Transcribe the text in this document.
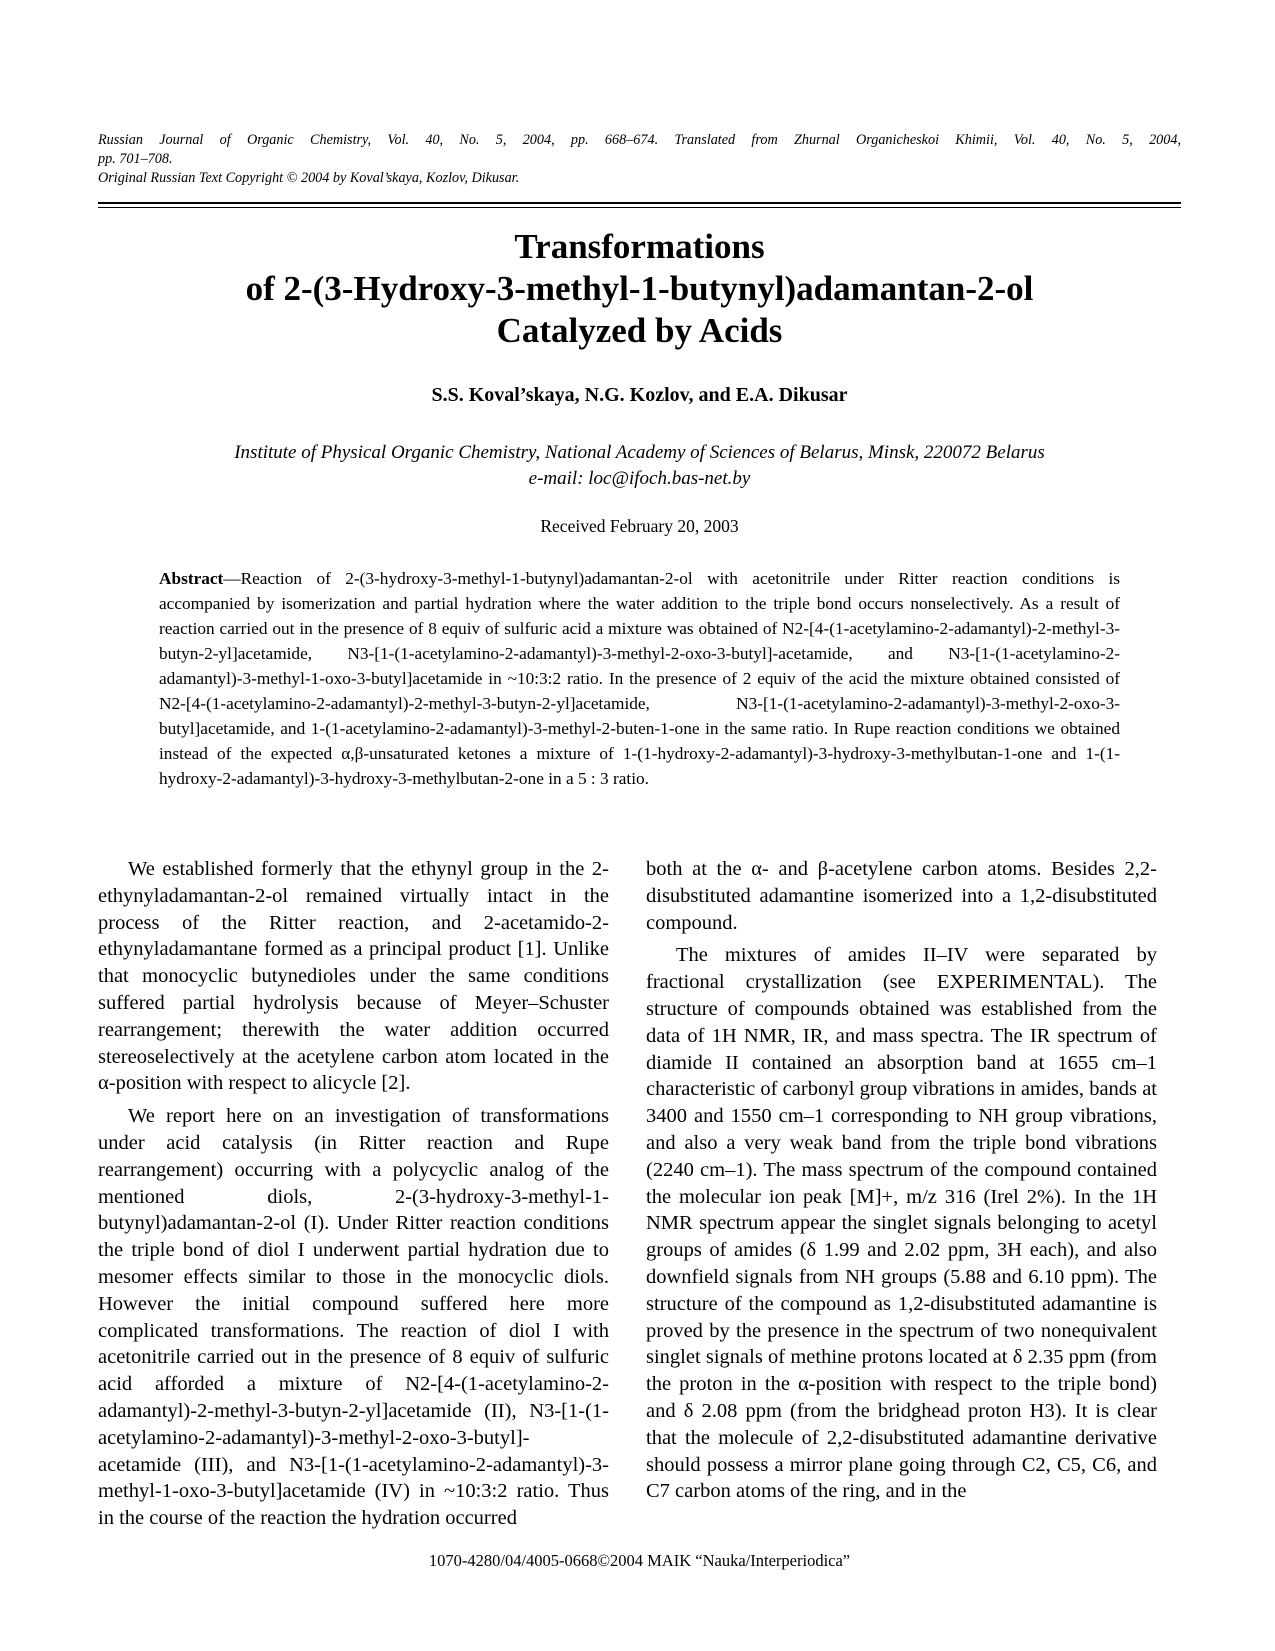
Russian Journal of Organic Chemistry, Vol. 40, No. 5, 2004, pp. 668–674. Translated from Zhurnal Organicheskoi Khimii, Vol. 40, No. 5, 2004,
pp. 701–708.
Original Russian Text Copyright © 2004 by Koval’skaya, Kozlov, Dikusar.
Transformations
of 2-(3-Hydroxy-3-methyl-1-butynyl)adamantan-2-ol
Catalyzed by Acids
S.S. Koval’skaya, N.G. Kozlov, and E.A. Dikusar
Institute of Physical Organic Chemistry, National Academy of Sciences of Belarus, Minsk, 220072 Belarus
e-mail: loc@ifoch.bas-net.by
Received February 20, 2003
Abstract—Reaction of 2-(3-hydroxy-3-methyl-1-butynyl)adamantan-2-ol with acetonitrile under Ritter reaction conditions is accompanied by isomerization and partial hydration where the water addition to the triple bond occurs nonselectively. As a result of reaction carried out in the presence of 8 equiv of sulfuric acid a mixture was obtained of N2-[4-(1-acetylamino-2-adamantyl)-2-methyl-3-butyn-2-yl]acetamide, N3-[1-(1-acetylamino-2-adamantyl)-3-methyl-2-oxo-3-butyl]-acetamide, and N3-[1-(1-acetylamino-2-adamantyl)-3-methyl-1-oxo-3-butyl]acetamide in ~10:3:2 ratio. In the presence of 2 equiv of the acid the mixture obtained consisted of N2-[4-(1-acetylamino-2-adamantyl)-2-methyl-3-butyn-2-yl]acetamide, N3-[1-(1-acetylamino-2-adamantyl)-3-methyl-2-oxo-3-butyl]acetamide, and 1-(1-acetylamino-2-adamantyl)-3-methyl-2-buten-1-one in the same ratio. In Rupe reaction conditions we obtained instead of the expected α,β-unsaturated ketones a mixture of 1-(1-hydroxy-2-adamantyl)-3-hydroxy-3-methylbutan-1-one and 1-(1-hydroxy-2-adamantyl)-3-hydroxy-3-methylbutan-2-one in a 5 : 3 ratio.

We established formerly that the ethynyl group in the 2-ethynyladamantan-2-ol remained virtually intact in the process of the Ritter reaction, and 2-acetamido-2-ethynyladamantane formed as a principal product [1]. Unlike that monocyclic butynedioles under the same conditions suffered partial hydrolysis because of Meyer–Schuster rearrangement; therewith the water addition occurred stereoselectively at the acetylene carbon atom located in the α-position with respect to alicycle [2].

We report here on an investigation of transformations under acid catalysis (in Ritter reaction and Rupe rearrangement) occurring with a polycyclic analog of the mentioned diols, 2-(3-hydroxy-3-methyl-1-butynyl)adamantan-2-ol (I). Under Ritter reaction conditions the triple bond of diol I underwent partial hydration due to mesomer effects similar to those in the monocyclic diols. However the initial compound suffered here more complicated transformations. The reaction of diol I with acetonitrile carried out in the presence of 8 equiv of sulfuric acid afforded a mixture of N2-[4-(1-acetylamino-2-adamantyl)-2-methyl-3-butyn-2-yl]acetamide (II), N3-[1-(1-acetylamino-2-adamantyl)-3-methyl-2-oxo-3-butyl]-acetamide (III), and N3-[1-(1-acetylamino-2-adamantyl)-3-methyl-1-oxo-3-butyl]acetamide (IV) in ~10:3:2 ratio. Thus in the course of the reaction the hydration occurred

both at the α- and β-acetylene carbon atoms. Besides 2,2-disubstituted adamantine isomerized into a 1,2-disubstituted compound.

The mixtures of amides II–IV were separated by fractional crystallization (see EXPERIMENTAL). The structure of compounds obtained was established from the data of 1H NMR, IR, and mass spectra. The IR spectrum of diamide II contained an absorption band at 1655 cm–1 characteristic of carbonyl group vibrations in amides, bands at 3400 and 1550 cm–1 corresponding to NH group vibrations, and also a very weak band from the triple bond vibrations (2240 cm–1). The mass spectrum of the compound contained the molecular ion peak [M]+, m/z 316 (Irel 2%). In the 1H NMR spectrum appear the singlet signals belonging to acetyl groups of amides (δ 1.99 and 2.02 ppm, 3H each), and also downfield signals from NH groups (5.88 and 6.10 ppm). The structure of the compound as 1,2-disubstituted adamantine is proved by the presence in the spectrum of two nonequivalent singlet signals of methine protons located at δ 2.35 ppm (from the proton in the α-position with respect to the triple bond) and δ 2.08 ppm (from the bridghead proton H3). It is clear that the molecule of 2,2-disubstituted adamantine derivative should possess a mirror plane going through C2, C5, C6, and C7 carbon atoms of the ring, and in the

1070-4280/04/4005-0668©2004 MAIK “Nauka/Interperiodica”
